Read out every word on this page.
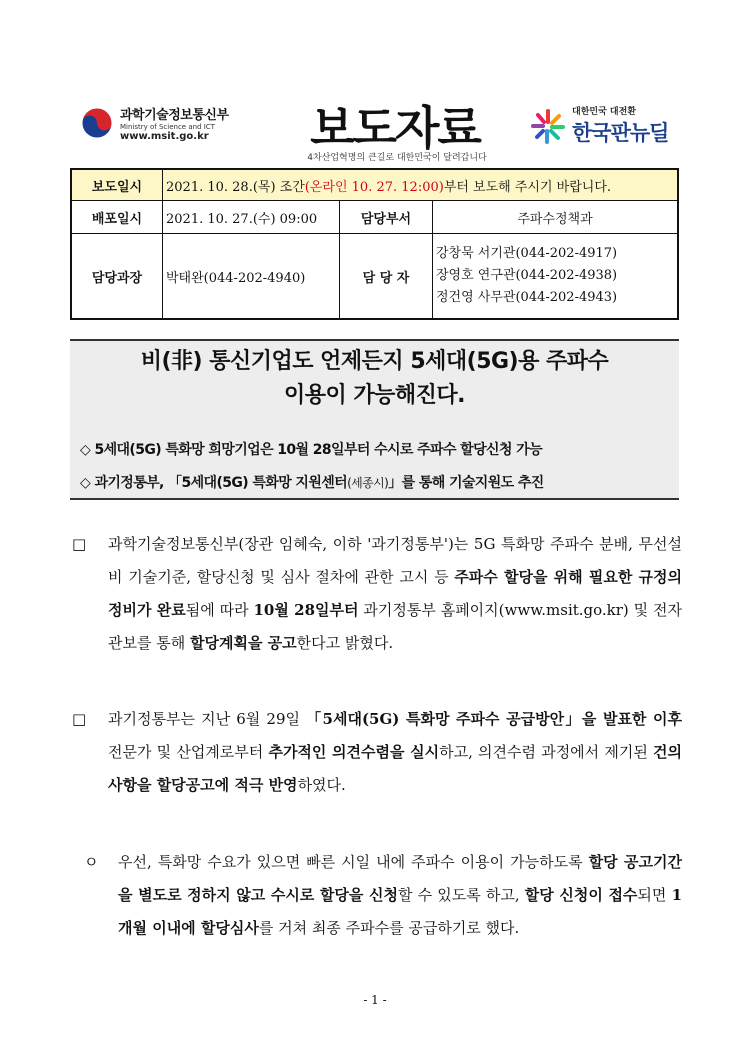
과학기술정보통신부
Ministry of Science and ICT
www.msit.go.kr	보도자료
4차산업혁명의 큰길로 대한민국이 달려갑니다
대한민국 대전환
한국판뉴딜
보도일시	2021. 10. 28.(목) 조간(온라인 10. 27. 12:00)부터 보도해 주시기 바랍니다.		
배포일시	2021. 10. 27.(수) 09:00	담당부서	주파수정책과
담당과장	박태완(044-202-4940)	담 당 자	강창묵 서기관(044-202-4917)
장영호 연구관(044-202-4938)
정건영 사무관(044-202-4943)
비(非) 통신기업도 언제든지 5세대(5G)용 주파수
이용이 가능해진다.
◇ 5세대(5G) 특화망 희망기업은 10월 28일부터 수시로 주파수 할당신청 가능
◇ 과기정통부, 「5세대(5G) 특화망 지원센터(세종시)」를 통해 기술지원도 추진
□ 과학기술정보통신부(장관 임혜숙, 이하 '과기정통부')는 5G 특화망 주파수 분배, 무선설비 기술기준, 할당신청 및 심사 절차에 관한 고시 등 주파수 할당을 위해 필요한 규정의 정비가 완료됨에 따라 10월 28일부터 과기정통부 홈페이지(www.msit.go.kr) 및 전자관보를 통해 할당계획을 공고한다고 밝혔다.
□ 과기정통부는 지난 6월 29일 「5세대(5G) 특화망 주파수 공급방안」을 발표한 이후 전문가 및 산업계로부터 추가적인 의견수렴을 실시하고, 의견수렴 과정에서 제기된 건의사항을 할당공고에 적극 반영하였다.
ㅇ 우선, 특화망 수요가 있으면 빠른 시일 내에 주파수 이용이 가능하도록 할당 공고기간을 별도로 정하지 않고 수시로 할당을 신청할 수 있도록 하고, 할당 신청이 접수되면 1개월 이내에 할당심사를 거쳐 최종 주파수를 공급하기로 했다.
- 1 -
